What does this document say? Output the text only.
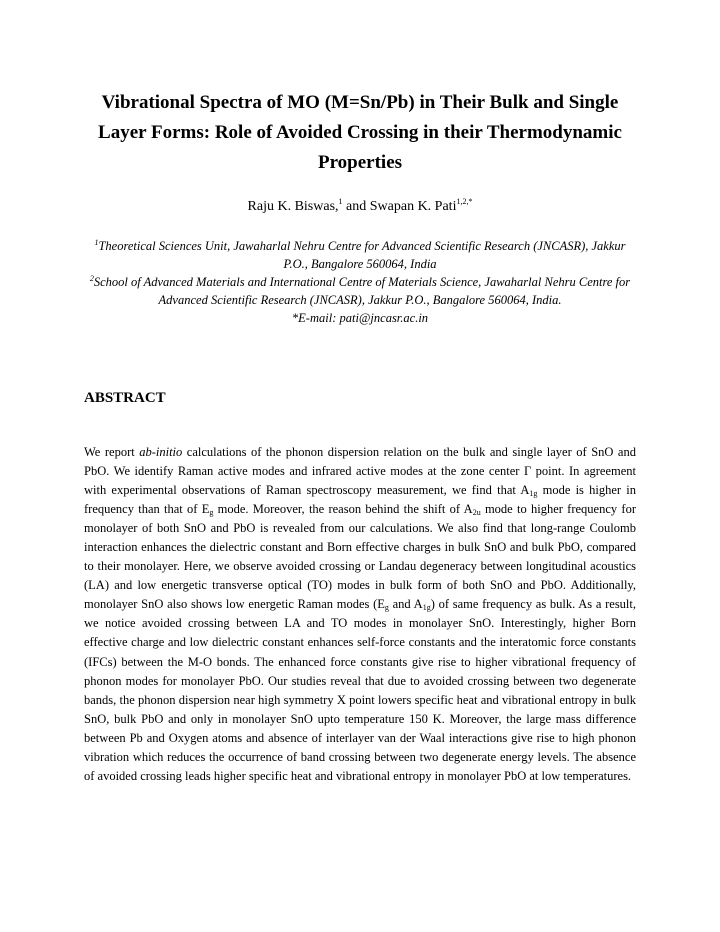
Vibrational Spectra of MO (M=Sn/Pb) in Their Bulk and Single Layer Forms: Role of Avoided Crossing in their Thermodynamic Properties
Raju K. Biswas,$^1$ and Swapan K. Pati$^{1,2,*}$
$^1$Theoretical Sciences Unit, Jawaharlal Nehru Centre for Advanced Scientific Research (JNCASR), Jakkur P.O., Bangalore 560064, India
$^2$School of Advanced Materials and International Centre of Materials Science, Jawaharlal Nehru Centre for Advanced Scientific Research (JNCASR), Jakkur P.O., Bangalore 560064, India.
*E-mail: pati@jncasr.ac.in
ABSTRACT

We report ab-initio calculations of the phonon dispersion relation on the bulk and single layer of SnO and PbO. We identify Raman active modes and infrared active modes at the zone center Γ point. In agreement with experimental observations of Raman spectroscopy measurement, we find that $A_{1g}$ mode is higher in frequency than that of $E_g$ mode. Moreover, the reason behind the shift of $A_{2u}$ mode to higher frequency for monolayer of both SnO and PbO is revealed from our calculations. We also find that long-range Coulomb interaction enhances the dielectric constant and Born effective charges in bulk SnO and bulk PbO, compared to their monolayer. Here, we observe avoided crossing or Landau degeneracy between longitudinal acoustics (LA) and low energetic transverse optical (TO) modes in bulk form of both SnO and PbO. Additionally, monolayer SnO also shows low energetic Raman modes ($E_g$ and $A_{1g}$) of same frequency as bulk. As a result, we notice avoided crossing between LA and TO modes in monolayer SnO. Interestingly, higher Born effective charge and low dielectric constant enhances self-force constants and the interatomic force constants (IFCs) between the M-O bonds. The enhanced force constants give rise to higher vibrational frequency of phonon modes for monolayer PbO. Our studies reveal that due to avoided crossing between two degenerate bands, the phonon dispersion near high symmetry X point lowers specific heat and vibrational entropy in bulk SnO, bulk PbO and only in monolayer SnO upto temperature 150 K. Moreover, the large mass difference between Pb and Oxygen atoms and absence of interlayer van der Waal interactions give rise to high phonon vibration which reduces the occurrence of band crossing between two degenerate energy levels. The absence of avoided crossing leads higher specific heat and vibrational entropy in monolayer PbO at low temperatures.
